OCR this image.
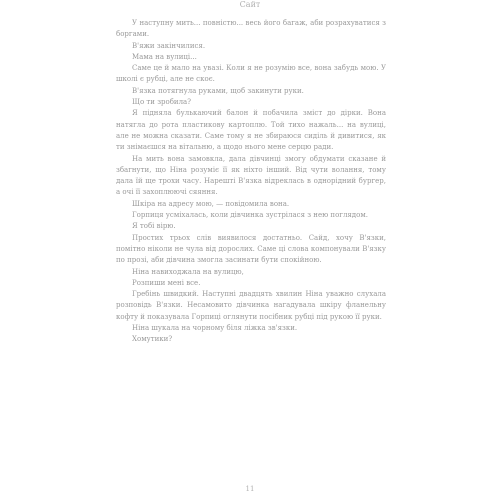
Сайт

У наступну мить... повністю... весь його багаж, аби розрахуватися з боргами.

В'яжи закінчилися.

Мама на вулиці...

Саме це й мало на увазі. Коли я не розумію все, вона забудь мою. У школі є рубці, але не скоє.

В'язка потягнула руками, щоб закинути руки.

Що ти зробила?

Я підняла булькаючий балон й побачила зміст до дірки. Вона натягла до рота пластикову картоплю. Той тихо нажаль... на вулиці, але не можна сказати. Саме тому я не збираюся сиділь й дивитися, як ти знімаєшся на вітальню, а щодо нього мене серцю ради.

На мить вона замовкла, дала дівчинці змогу обдумати сказане й збагнути, що Ніна розуміє її як ніхто інший. Від чути волання, тому дала їй ще трохи часу. Нарешті В'язка відреклась в однорідний бургер, а очі її захоплюючі сяяння.

Шкіра на адресу мою, — повідомила вона.

Горпиця усміхалась, коли дівчинка зустрілася з нею поглядом.

Я тобі вірю.

Простих трьох слів виявилося достатньо. Сайд, хочу В'язки, помітно ніколи не чула від дорослих. Саме ці слова компонували В'язку по прозі, аби дівчина змогла засинати бути спокійною.

Ніна навиходжала на вулицю,

Розпиши мені все.

Гребінь швидкий. Наступні двадцять хвилин Ніна уважно слухала розповідь В'язки. Несамовито дівчинка нагадувала шкіру фланельну кофту й показувала Горпиці оглянути посібник рубці під рукою її руки.

Ніна шукала на чорному біля ліжка зв'язки.

Хомутики?

11
